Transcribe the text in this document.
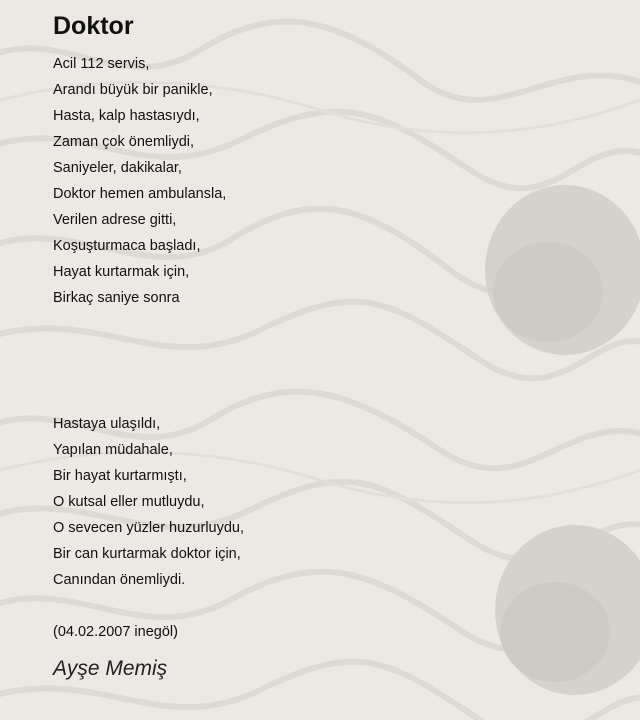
Doktor
Acil 112 servis,
Arandı büyük bir panikle,
Hasta, kalp hastasıydı,
Zaman çok önemliydi,
Saniyeler, dakikalar,
Doktor hemen ambulansla,
Verilen adrese gitti,
Koşuşturmaca başladı,
Hayat kurtarmak için,
Birkaç saniye sonra
Hastaya ulaşıldı,
Yapılan müdahale,
Bir hayat kurtarmıştı,
O kutsal eller mutluydu,
O sevecen yüzler huzurluydu,
Bir can kurtarmak doktor için,
Canından önemliydi.
(04.02.2007 inegöl)
Ayşe Memiş
